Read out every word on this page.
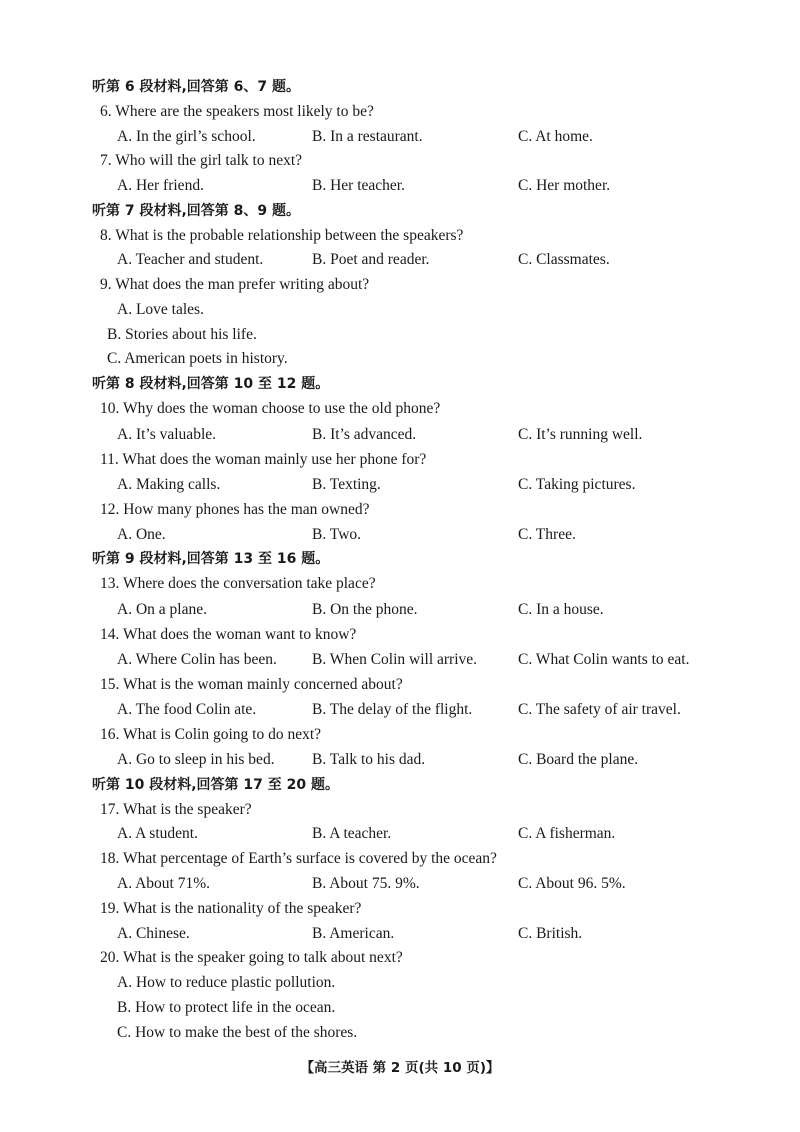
听第 6 段材料,回答第 6、7 题。
6. Where are the speakers most likely to be?
A. In the girl’s school.	B. In a restaurant.	C. At home.
7. Who will the girl talk to next?
A. Her friend.	B. Her teacher.	C. Her mother.
听第 7 段材料,回答第 8、9 题。
8. What is the probable relationship between the speakers?
A. Teacher and student.	B. Poet and reader.	C. Classmates.
9. What does the man prefer writing about?
A. Love tales.
B. Stories about his life.
C. American poets in history.
听第 8 段材料,回答第 10 至 12 题。
10. Why does the woman choose to use the old phone?
A. It’s valuable.	B. It’s advanced.	C. It’s running well.
11. What does the woman mainly use her phone for?
A. Making calls.	B. Texting.	C. Taking pictures.
12. How many phones has the man owned?
A. One.	B. Two.	C. Three.
听第 9 段材料,回答第 13 至 16 题。
13. Where does the conversation take place?
A. On a plane.	B. On the phone.	C. In a house.
14. What does the woman want to know?
A. Where Colin has been. B. When Colin will arrive.	C. What Colin wants to eat.
15. What is the woman mainly concerned about?
A. The food Colin ate.	B. The delay of the flight.	C. The safety of air travel.
16. What is Colin going to do next?
A. Go to sleep in his bed. B. Talk to his dad.	C. Board the plane.
听第 10 段材料,回答第 17 至 20 题。
17. What is the speaker?
A. A student.	B. A teacher.	C. A fisherman.
18. What percentage of Earth’s surface is covered by the ocean?
A. About 71%.	B. About 75. 9%.	C. About 96. 5%.
19. What is the nationality of the speaker?
A. Chinese.	B. American.	C. British.
20. What is the speaker going to talk about next?
A. How to reduce plastic pollution.
B. How to protect life in the ocean.
C. How to make the best of the shores.
【高三英语 第 2 页(共 10 页)】
